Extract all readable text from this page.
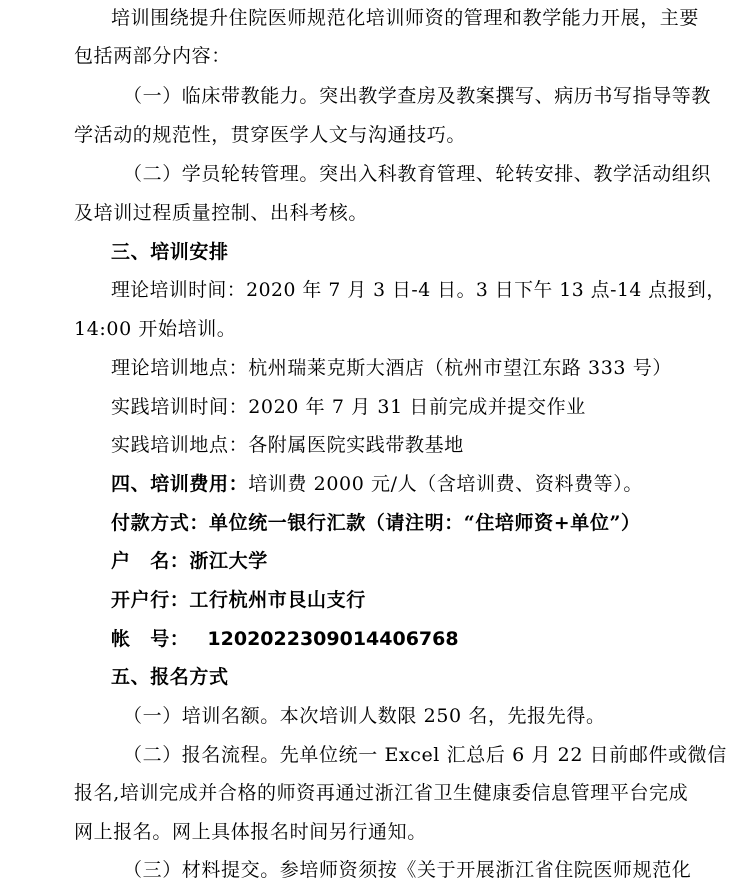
培训围绕提升住院医师规范化培训师资的管理和教学能力开展，主要
包括两部分内容：
（一）临床带教能力。突出教学查房及教案撰写、病历书写指导等教
学活动的规范性，贯穿医学人文与沟通技巧。
（二）学员轮转管理。突出入科教育管理、轮转安排、教学活动组织
及培训过程质量控制、出科考核。
三、培训安排
理论培训时间：2020 年 7 月 3 日-4 日。3 日下午 13 点-14 点报到，
14:00 开始培训。
理论培训地点：杭州瑞莱克斯大酒店（杭州市望江东路 333 号）
实践培训时间：2020 年 7 月 31 日前完成并提交作业
实践培训地点：各附属医院实践带教基地
四、培训费用：培训费 2000 元/人（含培训费、资料费等）。
付款方式：单位统一银行汇款（请注明：“住培师资+单位”）
户　名：浙江大学
开户行：工行杭州市艮山支行
帐　号： 1202022309014406768
五、报名方式
（一）培训名额。本次培训人数限 250 名，先报先得。
（二）报名流程。先单位统一 Excel 汇总后 6 月 22 日前邮件或微信
报名,培训完成并合格的师资再通过浙江省卫生健康委信息管理平台完成
网上报名。网上具体报名时间另行通知。
（三）材料提交。参培师资须按《关于开展浙江省住院医师规范化
